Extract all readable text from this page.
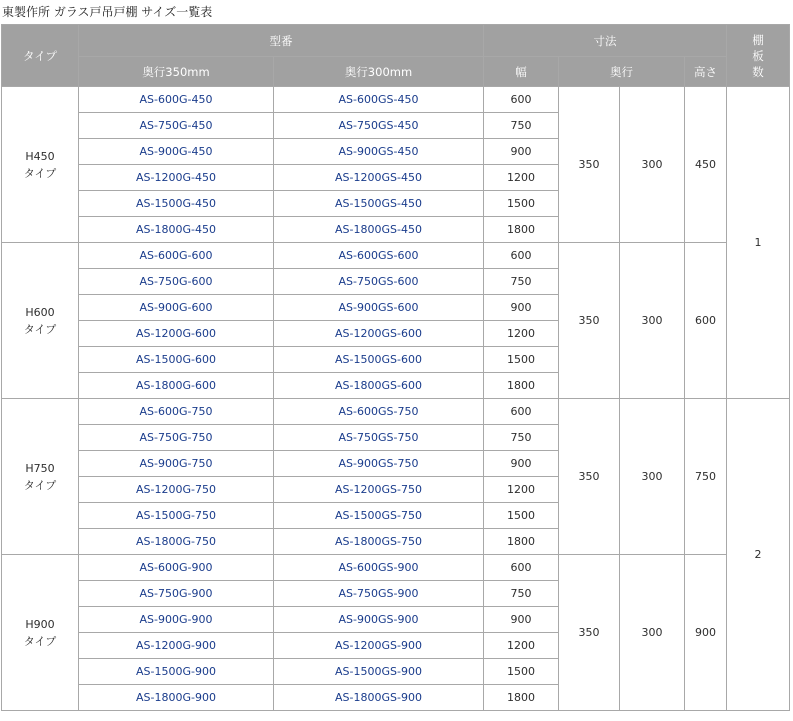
東製作所 ガラス戸吊戸棚 サイズ一覧表
タイプ	型番		寸法				棚
板
数
	奥行350mm	奥行300mm	幅	奥行		高さ	
H450
タイプ	AS-600G-450	AS-600GS-450	600	350	300	450	1
	AS-750G-450	AS-750GS-450	750				
	AS-900G-450	AS-900GS-450	900				
	AS-1200G-450	AS-1200GS-450	1200				
	AS-1500G-450	AS-1500GS-450	1500				
	AS-1800G-450	AS-1800GS-450	1800				
H600
タイプ	AS-600G-600	AS-600GS-600	600	350	300	600	
	AS-750G-600	AS-750GS-600	750				
	AS-900G-600	AS-900GS-600	900				
	AS-1200G-600	AS-1200GS-600	1200				
	AS-1500G-600	AS-1500GS-600	1500				
	AS-1800G-600	AS-1800GS-600	1800				
H750
タイプ	AS-600G-750	AS-600GS-750	600	350	300	750	2
	AS-750G-750	AS-750GS-750	750				
	AS-900G-750	AS-900GS-750	900				
	AS-1200G-750	AS-1200GS-750	1200				
	AS-1500G-750	AS-1500GS-750	1500				
	AS-1800G-750	AS-1800GS-750	1800				
H900
タイプ	AS-600G-900	AS-600GS-900	600	350	300	900	
	AS-750G-900	AS-750GS-900	750				
	AS-900G-900	AS-900GS-900	900				
	AS-1200G-900	AS-1200GS-900	1200				
	AS-1500G-900	AS-1500GS-900	1500				
	AS-1800G-900	AS-1800GS-900	1800				
